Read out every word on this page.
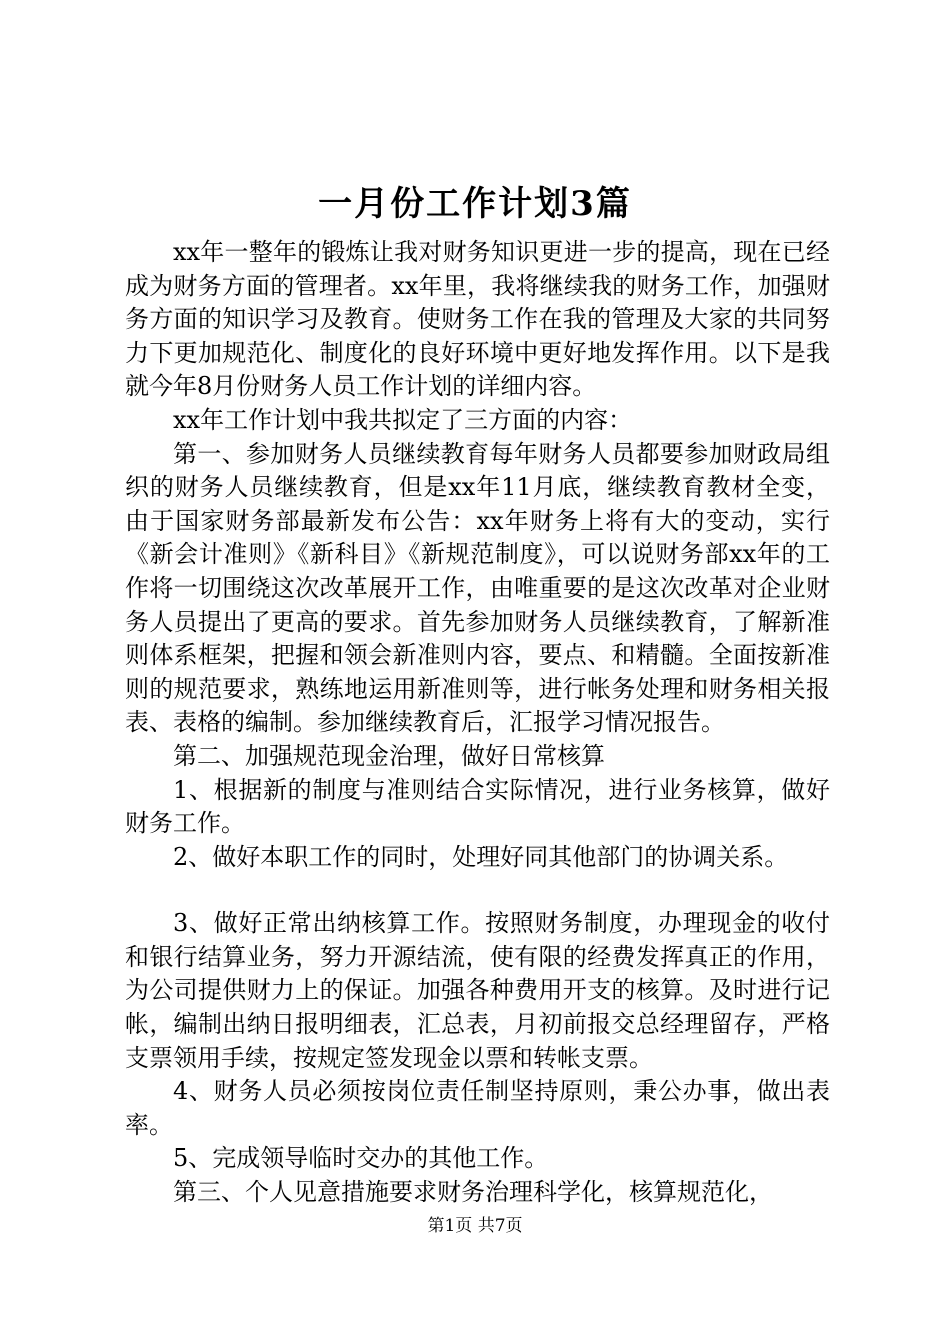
一月份工作计划3篇

xx年一整年的锻炼让我对财务知识更进一步的提高，现在已经成为财务方面的管理者。xx年里，我将继续我的财务工作，加强财务方面的知识学习及教育。使财务工作在我的管理及大家的共同努力下更加规范化、制度化的良好环境中更好地发挥作用。以下是我就今年8月份财务人员工作计划的详细内容。

xx年工作计划中我共拟定了三方面的内容：

第一、参加财务人员继续教育每年财务人员都要参加财政局组织的财务人员继续教育，但是xx年11月底，继续教育教材全变，由于国家财务部最新发布公告：xx年财务上将有大的变动，实行《新会计准则》《新科目》《新规范制度》，可以说财务部xx年的工作将一切围绕这次改革展开工作，由唯重要的是这次改革对企业财务人员提出了更高的要求。首先参加财务人员继续教育，了解新准则体系框架，把握和领会新准则内容，要点、和精髓。全面按新准则的规范要求，熟练地运用新准则等，进行帐务处理和财务相关报表、表格的编制。参加继续教育后，汇报学习情况报告。

第二、加强规范现金治理，做好日常核算

1、根据新的制度与准则结合实际情况，进行业务核算，做好财务工作。

2、做好本职工作的同时，处理好同其他部门的协调关系。

3、做好正常出纳核算工作。按照财务制度，办理现金的收付和银行结算业务，努力开源结流，使有限的经费发挥真正的作用，为公司提供财力上的保证。加强各种费用开支的核算。及时进行记帐，编制出纳日报明细表，汇总表，月初前报交总经理留存，严格支票领用手续，按规定签发现金以票和转帐支票。

4、财务人员必须按岗位责任制坚持原则，秉公办事，做出表率。

5、完成领导临时交办的其他工作。

第三、个人见意措施要求财务治理科学化，核算规范化，

第1页 共7页
